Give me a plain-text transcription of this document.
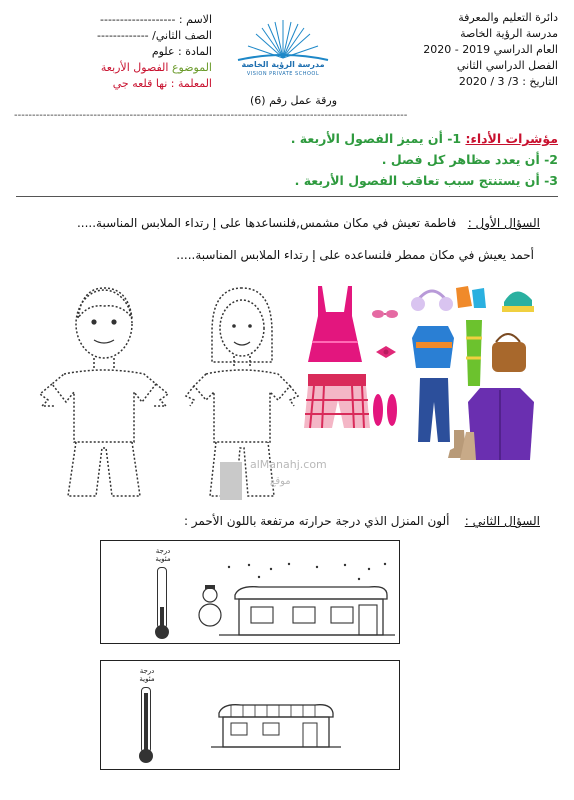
دائرة التعليم والمعرفة
مدرسة الرؤية الخاصة
العام الدراسي 2019 - 2020
الفصل الدراسي الثاني
التاريخ : 3/ 3 / 2020
الاسم : -------------------
الصف الثاني/ -------------
المادة : علوم
الموضوع الفصول الأربعة
المعلمة : نها قلعه جي
مدرسة الرؤية الخاصة
VISION PRIVATE SCHOOL
ورقة عمل رقم (6)
-------------------------------------------------------------------------------------------------------------
مؤشرات الأداء: 1- أن يميز الفصول الأربعة .
2- أن يعدد مظاهر كل فصل .
3- أن يستنتج سبب تعاقب الفصول الأربعة .
السؤال الأول :   فاطمة تعيش في مكان مشمس,فلنساعدها على إ رتداء الملابس المناسبة.....
أحمد يعيش في مكان ممطر فلنساعده على إ رتداء الملابس المناسبة.....
alManahj.com
موقع
السؤال الثاني :    ألون المنزل الذي درجة حرارته مرتفعة باللون الأحمر :
درجة
مئوية
درجة
مئوية
